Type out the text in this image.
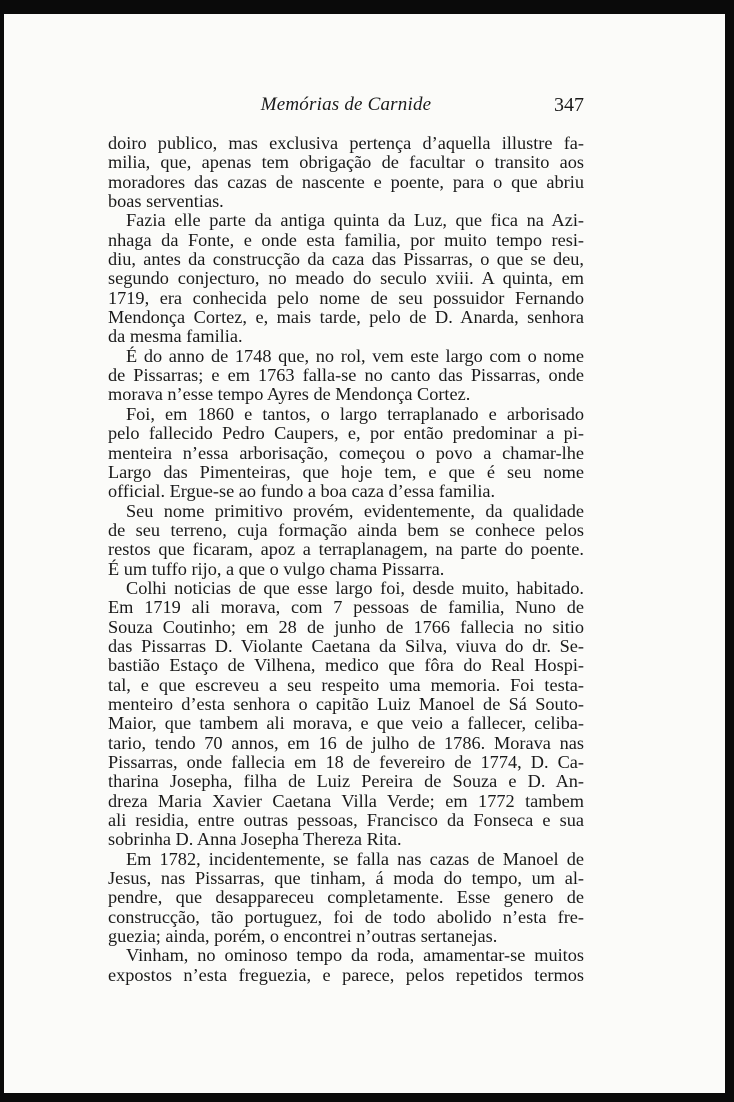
Memórias de Carnide	347
doiro publico, mas exclusiva pertença d’aquella illustre fa-
milia, que, apenas tem obrigação de facultar o transito aos
moradores das cazas de nascente e poente, para o que abriu
boas serventias.
Fazia elle parte da antiga quinta da Luz, que fica na Azi-
nhaga da Fonte, e onde esta familia, por muito tempo resi-
diu, antes da construcção da caza das Pissarras, o que se deu,
segundo conjecturo, no meado do seculo xviii. A quinta, em
1719, era conhecida pelo nome de seu possuidor Fernando
Mendonça Cortez, e, mais tarde, pelo de D. Anarda, senhora
da mesma familia.
É do anno de 1748 que, no rol, vem este largo com o nome
de Pissarras; e em 1763 falla-se no canto das Pissarras, onde
morava n’esse tempo Ayres de Mendonça Cortez.
Foi, em 1860 e tantos, o largo terraplanado e arborisado
pelo fallecido Pedro Caupers, e, por então predominar a pi-
menteira n’essa arborisação, começou o povo a chamar-lhe
Largo das Pimenteiras, que hoje tem, e que é seu nome
official. Ergue-se ao fundo a boa caza d’essa familia.
Seu nome primitivo provém, evidentemente, da qualidade
de seu terreno, cuja formação ainda bem se conhece pelos
restos que ficaram, apoz a terraplanagem, na parte do poente.
É um tuffo rijo, a que o vulgo chama Pissarra.
Colhi noticias de que esse largo foi, desde muito, habitado.
Em 1719 ali morava, com 7 pessoas de familia, Nuno de
Souza Coutinho; em 28 de junho de 1766 fallecia no sitio
das Pissarras D. Violante Caetana da Silva, viuva do dr. Se-
bastião Estaço de Vilhena, medico que fôra do Real Hospi-
tal, e que escreveu a seu respeito uma memoria. Foi testa-
menteiro d’esta senhora o capitão Luiz Manoel de Sá Souto-
Maior, que tambem ali morava, e que veio a fallecer, celiba-
tario, tendo 70 annos, em 16 de julho de 1786. Morava nas
Pissarras, onde fallecia em 18 de fevereiro de 1774, D. Ca-
tharina Josepha, filha de Luiz Pereira de Souza e D. An-
dreza Maria Xavier Caetana Villa Verde; em 1772 tambem
ali residia, entre outras pessoas, Francisco da Fonseca e sua
sobrinha D. Anna Josepha Thereza Rita.
Em 1782, incidentemente, se falla nas cazas de Manoel de
Jesus, nas Pissarras, que tinham, á moda do tempo, um al-
pendre, que desappareceu completamente. Esse genero de
construcção, tão portuguez, foi de todo abolido n’esta fre-
guezia; ainda, porém, o encontrei n’outras sertanejas.
Vinham, no ominoso tempo da roda, amamentar-se muitos
expostos n’esta freguezia, e parece, pelos repetidos termos
